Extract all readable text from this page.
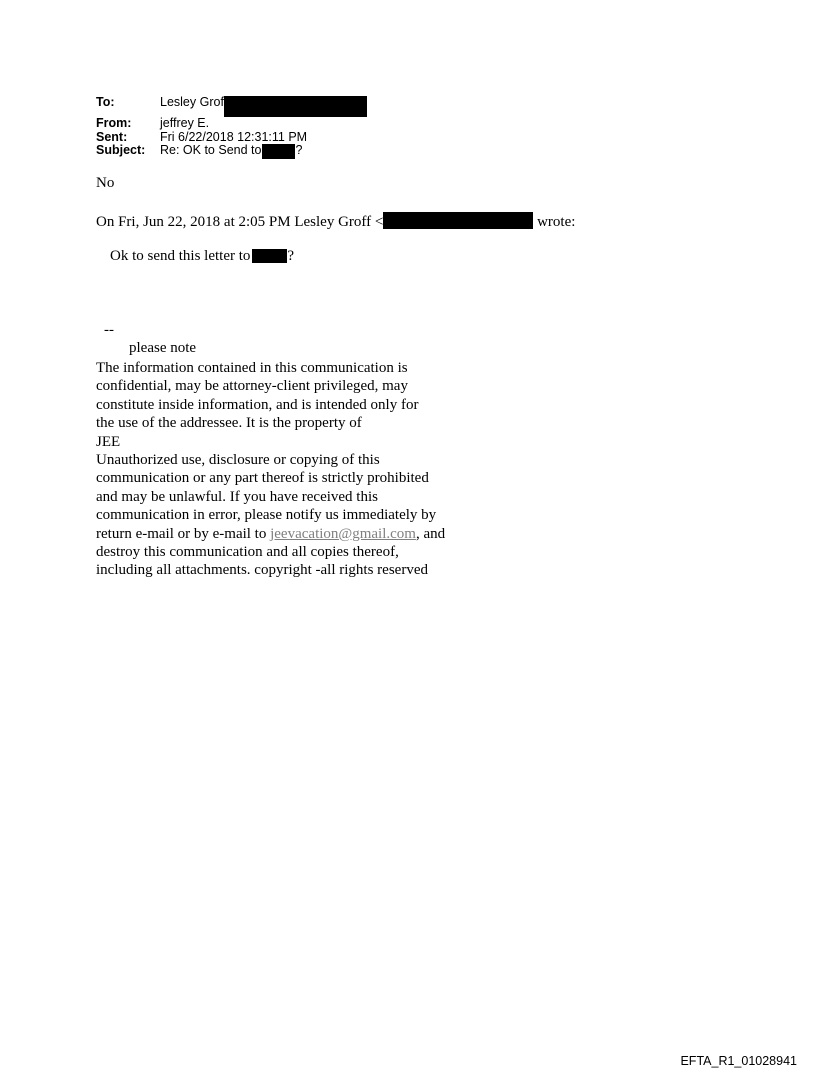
To:	Lesley Grof
From:	jeffrey E.
Sent:	Fri 6/22/2018 12:31:11 PM
Subject:	Re: OK to Send to	?
No
On Fri, Jun 22, 2018 at 2:05 PM Lesley Groff <	wrote:
Ok to send this letter to ?
--
please note
The information contained in this communication is
confidential, may be attorney-client privileged, may
constitute inside information, and is intended only for
the use of the addressee. It is the property of
JEE
Unauthorized use, disclosure or copying of this
communication or any part thereof is strictly prohibited
and may be unlawful. If you have received this
communication in error, please notify us immediately by
return e-mail or by e-mail to jeevacation@gmail.com, and
destroy this communication and all copies thereof,
including all attachments. copyright -all rights reserved
EFTA_R1_01028941
